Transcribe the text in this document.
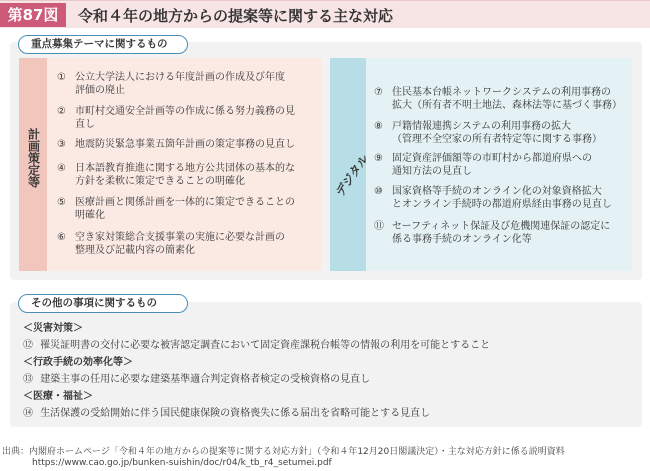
第87図	令和４年の地方からの提案等に関する主な対応
重点募集テーマに関するもの
計画策定等
① 公立大学法人における年度計画の作成及び年度
評価の廃止
② 市町村交通安全計画等の作成に係る努力義務の見
直し
③ 地震防災緊急事業五箇年計画の策定事務の見直し
④ 日本語教育推進に関する地方公共団体の基本的な
方針を柔軟に策定できることの明確化
⑤ 医療計画と関係計画を一体的に策定できることの
明確化
⑥ 空き家対策総合支援事業の実施に必要な計画の
整理及び記載内容の簡素化
デジタル
⑦ 住民基本台帳ネットワークシステムの利用事務の
拡大（所有者不明土地法、森林法等に基づく事務）
⑧ 戸籍情報連携システムの利用事務の拡大
（管理不全空家の所有者特定等に関する事務）
⑨ 固定資産評価額等の市町村から都道府県への
通知方法の見直し
⑩ 国家資格等手続のオンライン化の対象資格拡大
とオンライン手続時の都道府県経由事務の見直し
⑪ セーフティネット保証及び危機関連保証の認定に
係る事務手続のオンライン化等
その他の事項に関するもの
＜災害対策＞
⑫ 罹災証明書の交付に必要な被害認定調査において固定資産課税台帳等の情報の利用を可能とすること
＜行政手続の効率化等＞
⑬ 建築主事の任用に必要な建築基準適合判定資格者検定の受検資格の見直し
＜医療・福祉＞
⑭ 生活保護の受給開始に伴う国民健康保険の資格喪失に係る届出を省略可能とする見直し
出典：内閣府ホームページ「令和４年の地方からの提案等に関する対応方針」（令和４年12月20日閣議決定）・主な対応方針に係る説明資料
https://www.cao.go.jp/bunken-suishin/doc/r04/k_tb_r4_setumei.pdf
